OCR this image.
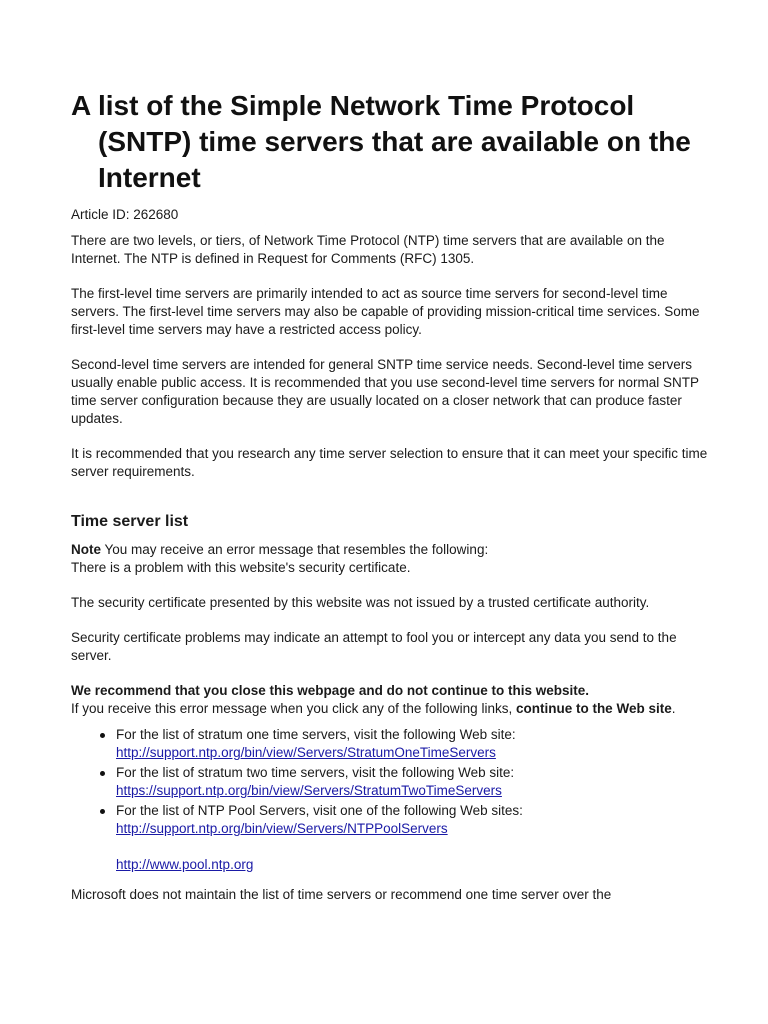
A list of the Simple Network Time Protocol (SNTP) time servers that are available on the Internet
Article ID: 262680

There are two levels, or tiers, of Network Time Protocol (NTP) time servers that are available on the Internet. The NTP is defined in Request for Comments (RFC) 1305.

The first-level time servers are primarily intended to act as source time servers for second-level time servers. The first-level time servers may also be capable of providing mission-critical time services. Some first-level time servers may have a restricted access policy.

Second-level time servers are intended for general SNTP time service needs. Second-level time servers usually enable public access. It is recommended that you use second-level time servers for normal SNTP time server configuration because they are usually located on a closer network that can produce faster updates.

It is recommended that you research any time server selection to ensure that it can meet your specific time server requirements.

Time server list

Note You may receive an error message that resembles the following:

There is a problem with this website's security certificate.

The security certificate presented by this website was not issued by a trusted certificate authority.

Security certificate problems may indicate an attempt to fool you or intercept any data you send to the server.

We recommend that you close this webpage and do not continue to this website.
If you receive this error message when you click any of the following links, continue to the Web site.

For the list of stratum one time servers, visit the following Web site:
http://support.ntp.org/bin/view/Servers/StratumOneTimeServers
For the list of stratum two time servers, visit the following Web site:
https://support.ntp.org/bin/view/Servers/StratumTwoTimeServers
For the list of NTP Pool Servers, visit one of the following Web sites:
http://support.ntp.org/bin/view/Servers/NTPPoolServers
http://www.pool.ntp.org

Microsoft does not maintain the list of time servers or recommend one time server over the
